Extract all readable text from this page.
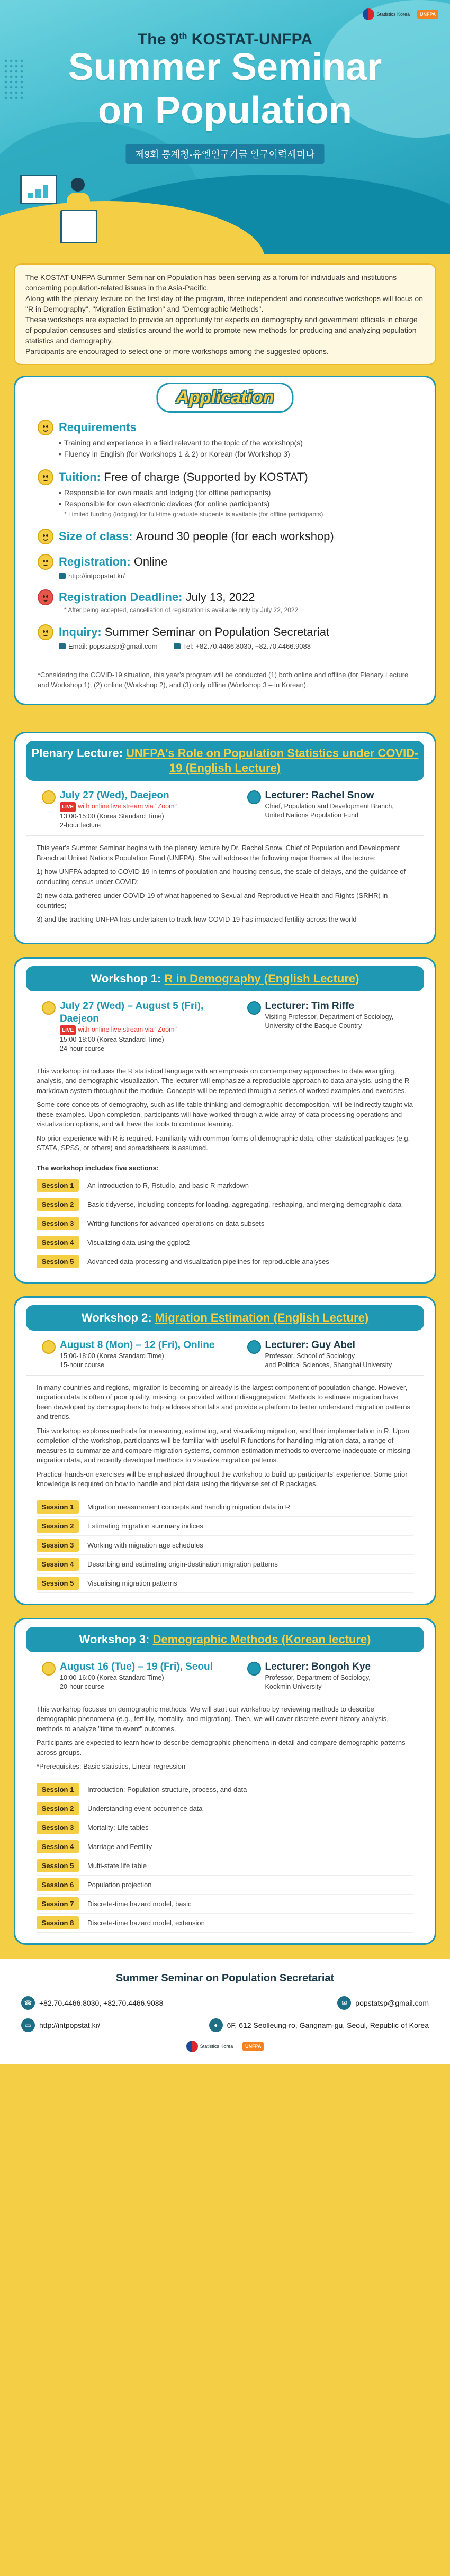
Statistics Korea	UNFPA
The 9th KOSTAT-UNFPA
Summer Seminar
on Population
제9회 통계청-유엔인구기금 인구이력세미나

The KOSTAT-UNFPA Summer Seminar on Population has been serving as a forum for individuals and institutions concerning population-related issues in the Asia-Pacific.

Along with the plenary lecture on the first day of the program, three independent and consecutive workshops will focus on "R in Demography", "Migration Estimation" and "Demographic Methods".

These workshops are expected to provide an opportunity for experts on demography and government officials in charge of population censuses and statistics around the world to promote new methods for producing and analyzing population statistics and demography.

Participants are encouraged to select one or more workshops among the suggested options.

Application
Requirements
• Training and experience in a field relevant to the topic of the workshop(s)
• Fluency in English (for Workshops 1 & 2) or Korean (for Workshop 3)
Tuition: Free of charge (Supported by KOSTAT)
• Responsible for own meals and lodging (for offline participants)
• Responsible for own electronic devices (for online participants)
* Limited funding (lodging) for full-time graduate students is available (for offline participants)
Size of class: Around 30 people (for each workshop)
Registration: Online
http://intpopstat.kr/
Registration Deadline: July 13, 2022
* After being accepted, cancellation of registration is available only by July 22, 2022
Inquiry: Summer Seminar on Population Secretariat
Email: popstatsp@gmail.com	Tel: +82.70.4466.8030, +82.70.4466.9088
*Considering the COVID-19 situation, this year's program will be conducted (1) both online and offline (for Plenary Lecture and Workshop 1), (2) online (Workshop 2), and (3) only offline (Workshop 3 – in Korean).
Plenary Lecture: UNFPA's Role on Population Statistics under COVID-19 (English Lecture)
July 27 (Wed), Daejeon
LIVE with online live stream via "Zoom"
13:00-15:00 (Korea Standard Time)
2-hour lecture
Lecturer: Rachel Snow
Chief, Population and Development Branch,
United Nations Population Fund

This year's Summer Seminar begins with the plenary lecture by Dr. Rachel Snow, Chief of Population and Development Branch at United Nations Population Fund (UNFPA). She will address the following major themes at the lecture:

1) how UNFPA adapted to COVID-19 in terms of population and housing census, the scale of delays, and the guidance of conducting census under COVID;

2) new data gathered under COVID-19 of what happened to Sexual and Reproductive Health and Rights (SRHR) in countries;

3) and the tracking UNFPA has undertaken to track how COVID-19 has impacted fertility across the world

Workshop 1: R in Demography (English Lecture)
July 27 (Wed) – August 5 (Fri), Daejeon
LIVE with online live stream via "Zoom"
15:00-18:00 (Korea Standard Time)
24-hour course
Lecturer: Tim Riffe
Visiting Professor, Department of Sociology,
University of the Basque Country

This workshop introduces the R statistical language with an emphasis on contemporary approaches to data wrangling, analysis, and demographic visualization. The lecturer will emphasize a reproducible approach to data analysis, using the R markdown system throughout the module. Concepts will be repeated through a series of worked examples and exercises.

Some core concepts of demography, such as life-table thinking and demographic decomposition, will be indirectly taught via these examples. Upon completion, participants will have worked through a wide array of data processing operations and visualization options, and will have the tools to continue learning.

No prior experience with R is required. Familiarity with common forms of demographic data, other statistical packages (e.g. STATA, SPSS, or others) and spreadsheets is assumed.

The workshop includes five sections:
Session 1	An introduction to R, Rstudio, and basic R markdown
Session 2	Basic tidyverse, including concepts for loading, aggregating, reshaping, and merging demographic data
Session 3	Writing functions for advanced operations on data subsets
Session 4	Visualizing data using the ggplot2
Session 5	Advanced data processing and visualization pipelines for reproducible analyses
Workshop 2: Migration Estimation (English Lecture)
August 8 (Mon) – 12 (Fri), Online
15:00-18:00 (Korea Standard Time)
15-hour course
Lecturer: Guy Abel
Professor, School of Sociology
and Political Sciences, Shanghai University

In many countries and regions, migration is becoming or already is the largest component of population change. However, migration data is often of poor quality, missing, or provided without disaggregation. Methods to estimate migration have been developed by demographers to help address shortfalls and provide a platform to better understand migration patterns and trends.

This workshop explores methods for measuring, estimating, and visualizing migration, and their implementation in R. Upon completion of the workshop, participants will be familiar with useful R functions for handling migration data, a range of measures to summarize and compare migration systems, common estimation methods to overcome inadequate or missing migration data, and recently developed methods to visualize migration patterns.

Practical hands-on exercises will be emphasized throughout the workshop to build up participants' experience. Some prior knowledge is required on how to handle and plot data using the tidyverse set of R packages.

Session 1	Migration measurement concepts and handling migration data in R
Session 2	Estimating migration summary indices
Session 3	Working with migration age schedules
Session 4	Describing and estimating origin-destination migration patterns
Session 5	Visualising migration patterns
Workshop 3: Demographic Methods (Korean lecture)
August 16 (Tue) – 19 (Fri), Seoul
10:00-16:00 (Korea Standard Time)
20-hour course
Lecturer: Bongoh Kye
Professor, Department of Sociology,
Kookmin University

This workshop focuses on demographic methods. We will start our workshop by reviewing methods to describe demographic phenomena (e.g., fertility, mortality, and migration). Then, we will cover discrete event history analysis, methods to analyze "time to event" outcomes.

Participants are expected to learn how to describe demographic phenomena in detail and compare demographic patterns across groups.

*Prerequisites: Basic statistics, Linear regression

Session 1	Introduction: Population structure, process, and data
Session 2	Understanding event-occurrence data
Session 3	Mortality: Life tables
Session 4	Marriage and Fertility
Session 5	Multi-state life table
Session 6	Population projection
Session 7	Discrete-time hazard model, basic
Session 8	Discrete-time hazard model, extension
Summer Seminar on Population Secretariat
☎ +82.70.4466.8030, +82.70.4466.9088	✉	popstatsp@gmail.com
▭	http://intpopstat.kr/	●	6F, 612 Seolleung-ro, Gangnam-gu, Seoul, Republic of Korea
Statistics Korea	UNFPA
